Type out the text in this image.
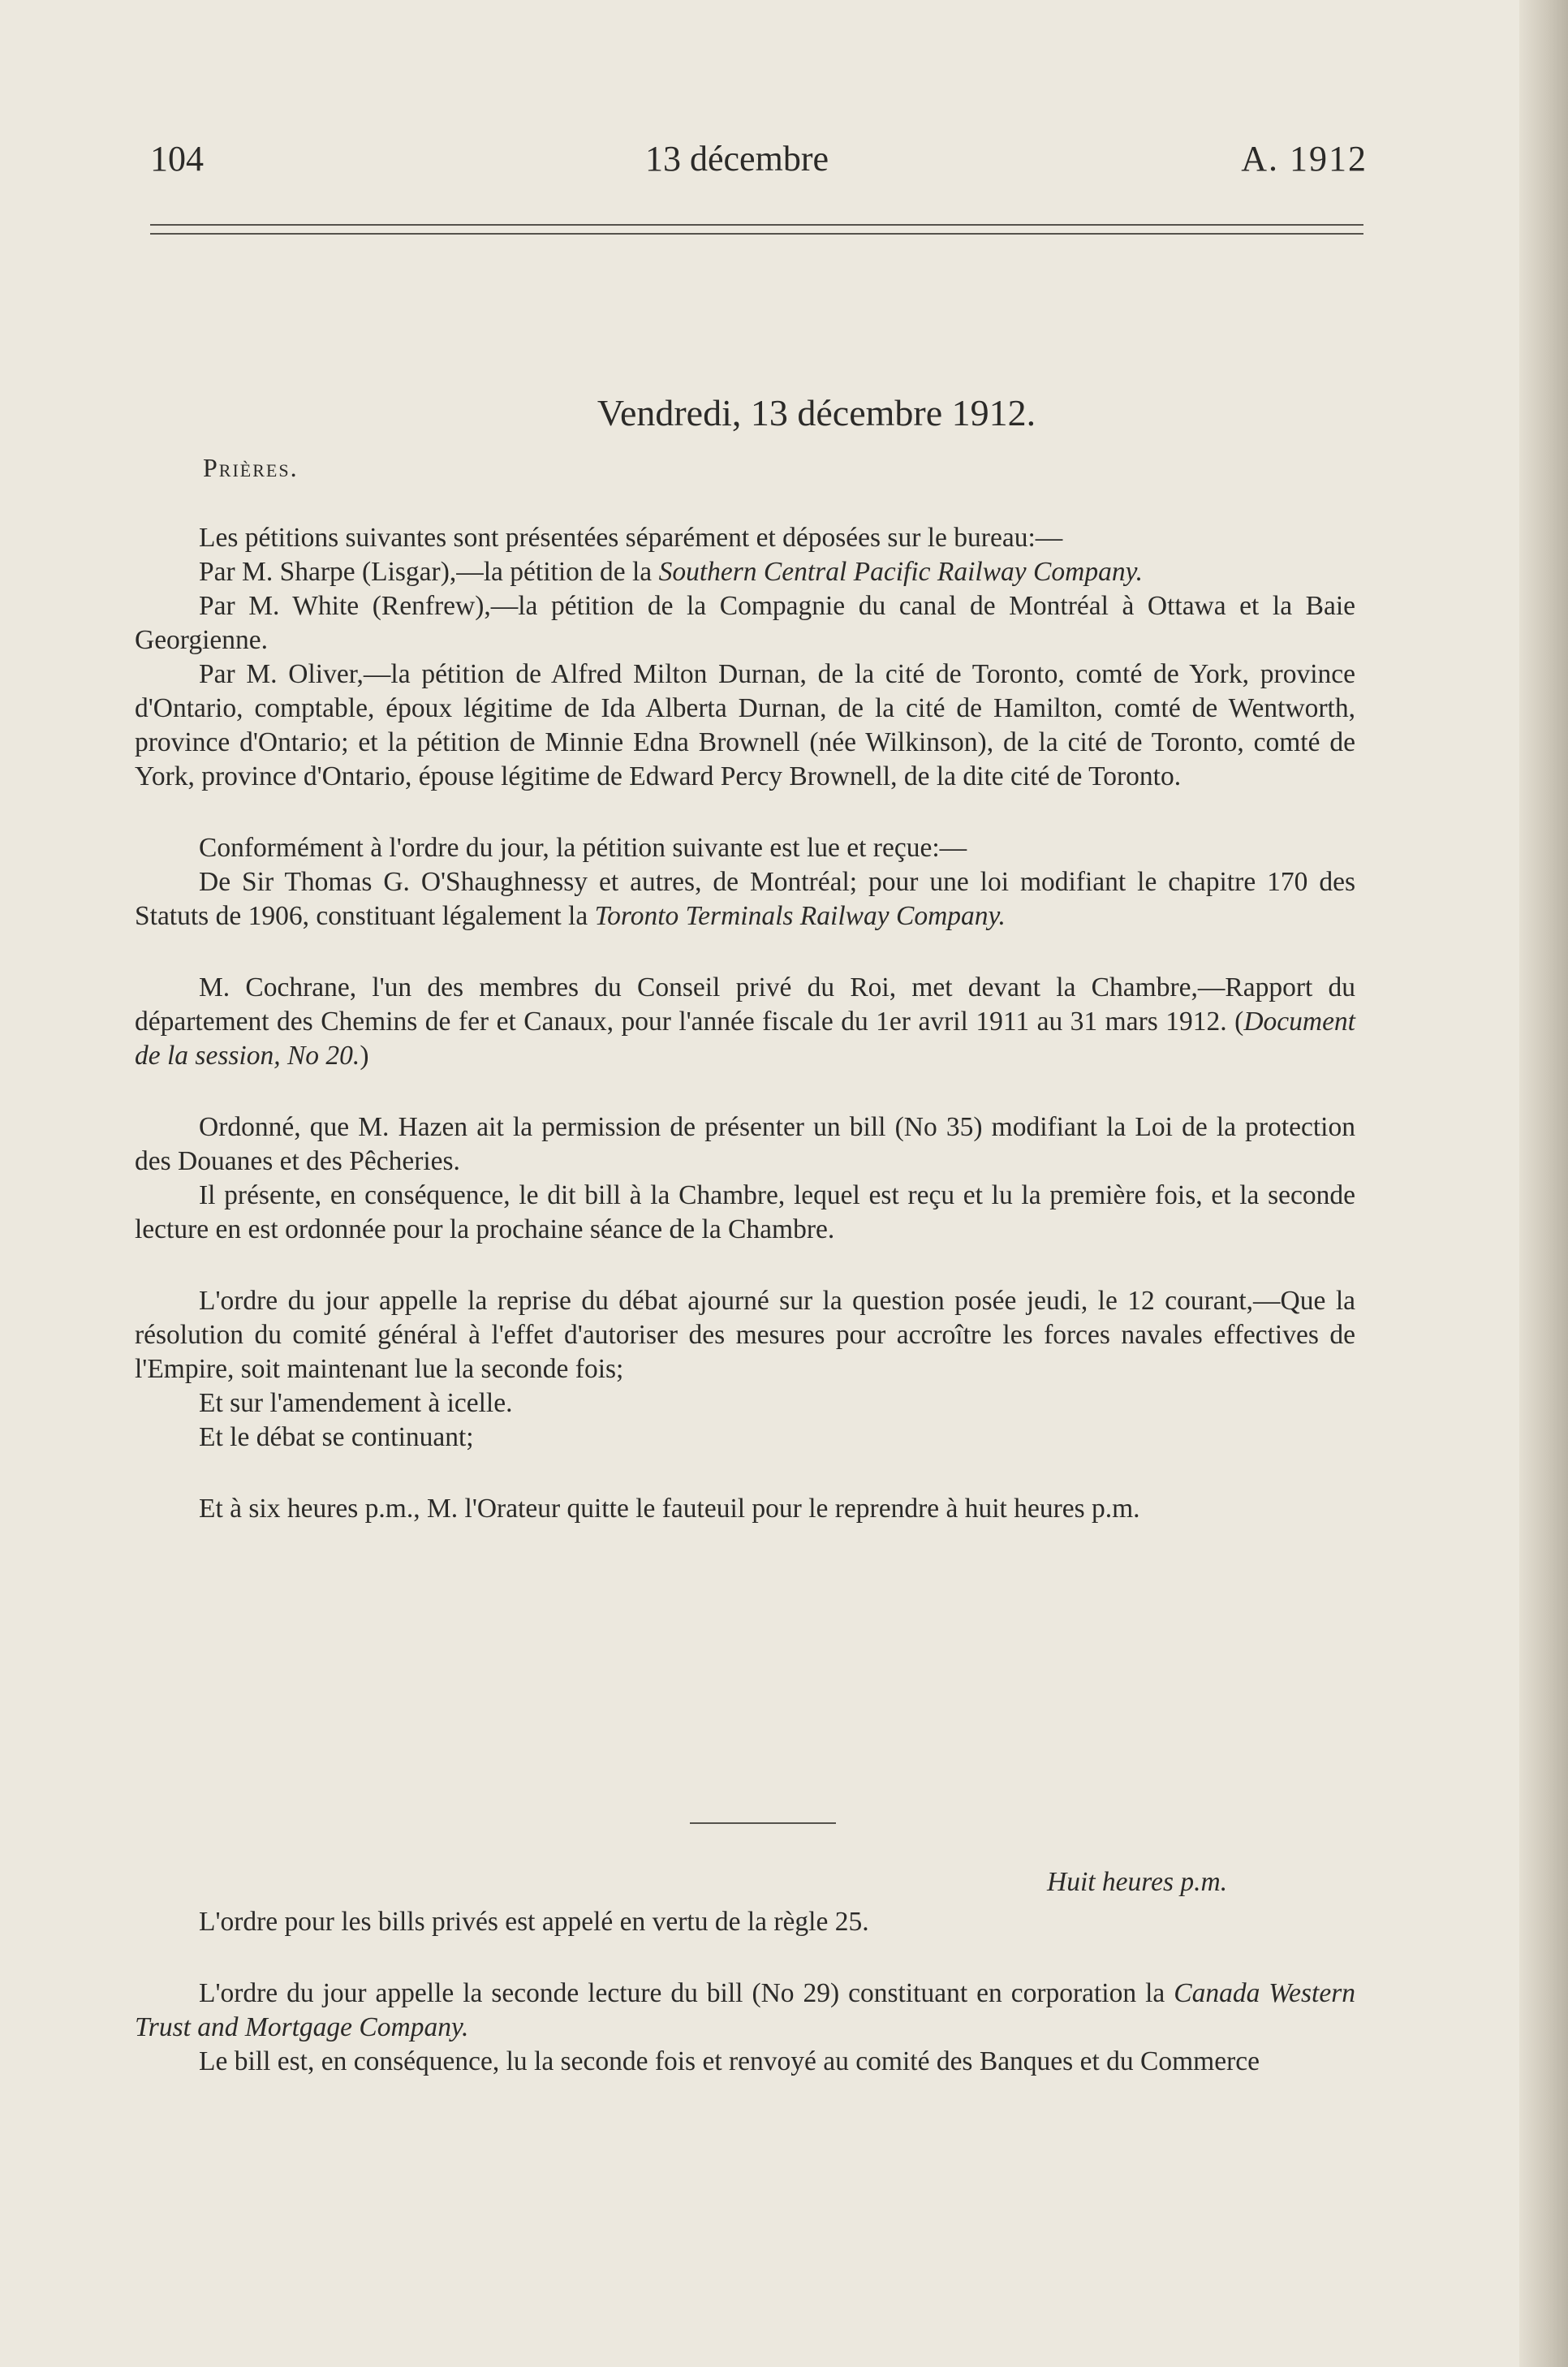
104	13 décembre	A. 1912
Vendredi, 13 décembre 1912.
Prières.

Les pétitions suivantes sont présentées séparément et déposées sur le bureau:—

Par M. Sharpe (Lisgar),—la pétition de la Southern Central Pacific Railway Company.

Par M. White (Renfrew),—la pétition de la Compagnie du canal de Montréal à Ottawa et la Baie Georgienne.

Par M. Oliver,—la pétition de Alfred Milton Durnan, de la cité de Toronto, comté de York, province d'Ontario, comptable, époux légitime de Ida Alberta Durnan, de la cité de Hamilton, comté de Wentworth, province d'Ontario; et la pétition de Minnie Edna Brownell (née Wilkinson), de la cité de Toronto, comté de York, province d'Ontario, épouse légitime de Edward Percy Brownell, de la dite cité de Toronto.

Conformément à l'ordre du jour, la pétition suivante est lue et reçue:—

De Sir Thomas G. O'Shaughnessy et autres, de Montréal; pour une loi modifiant le chapitre 170 des Statuts de 1906, constituant légalement la Toronto Terminals Railway Company.

M. Cochrane, l'un des membres du Conseil privé du Roi, met devant la Chambre,—Rapport du département des Chemins de fer et Canaux, pour l'année fiscale du 1er avril 1911 au 31 mars 1912. (Document de la session, No 20.)

Ordonné, que M. Hazen ait la permission de présenter un bill (No 35) modifiant la Loi de la protection des Douanes et des Pêcheries.

Il présente, en conséquence, le dit bill à la Chambre, lequel est reçu et lu la première fois, et la seconde lecture en est ordonnée pour la prochaine séance de la Chambre.

L'ordre du jour appelle la reprise du débat ajourné sur la question posée jeudi, le 12 courant,—Que la résolution du comité général à l'effet d'autoriser des mesures pour accroître les forces navales effectives de l'Empire, soit maintenant lue la seconde fois;

Et sur l'amendement à icelle.

Et le débat se continuant;

Et à six heures p.m., M. l'Orateur quitte le fauteuil pour le reprendre à huit heures p.m.

Huit heures p.m.

L'ordre pour les bills privés est appelé en vertu de la règle 25.

L'ordre du jour appelle la seconde lecture du bill (No 29) constituant en corporation la Canada Western Trust and Mortgage Company.

Le bill est, en conséquence, lu la seconde fois et renvoyé au comité des Banques et du Commerce
